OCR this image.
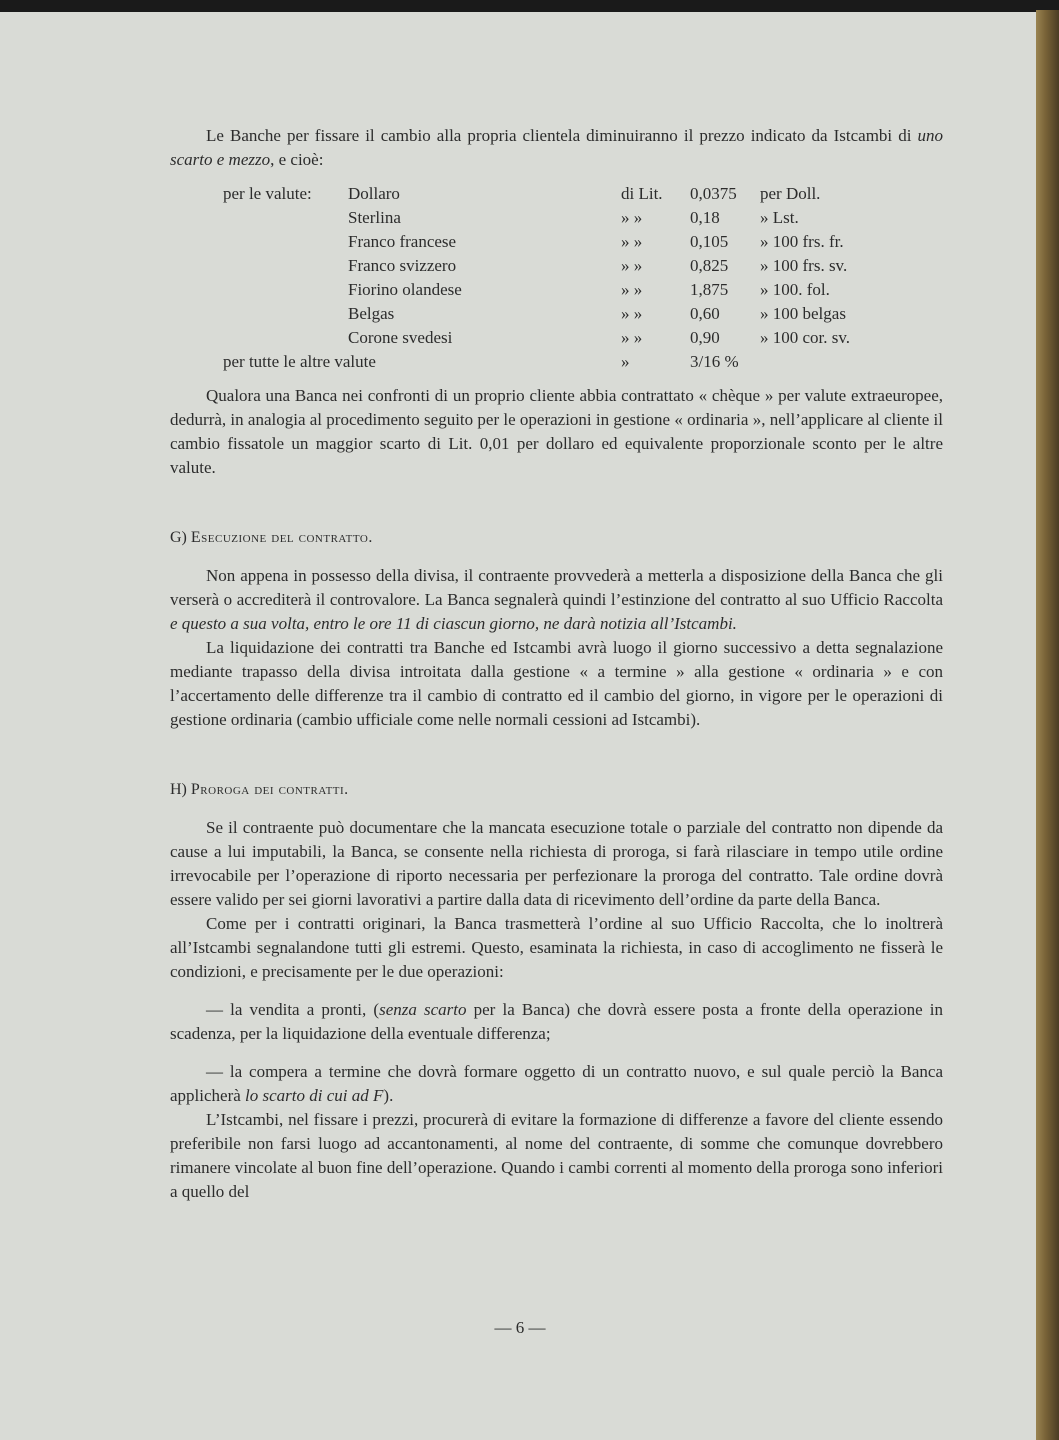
Le Banche per fissare il cambio alla propria clientela diminuiranno il prezzo indicato da Istcambi di uno scarto e mezzo, e cioè:

per le valute: Dollaro	di Lit. 0,0375 per Doll.
Sterlina	» »	0,18 » Lst.
Franco francese	» »	0,105 » 100 frs. fr.
Franco svizzero	» »	0,825 » 100 frs. sv.
Fiorino olandese	» »	1,875 » 100. fol.
Belgas	» »	0,60 » 100 belgas
Corone svedesi	» »	0,90 » 100 cor. sv.
per tutte le altre valute	»	3/16 %

Qualora una Banca nei confronti di un proprio cliente abbia contrattato « chèque » per valute extraeuropee, dedurrà, in analogia al procedimento seguito per le operazioni in gestione « ordinaria », nell’applicare al cliente il cambio fissatole un maggior scarto di Lit. 0,01 per dollaro ed equivalente proporzionale sconto per le altre valute.

G) Esecuzione del contratto.

Non appena in possesso della divisa, il contraente provvederà a metterla a disposizione della Banca che gli verserà o accrediterà il controvalore. La Banca segnalerà quindi l’estinzione del contratto al suo Ufficio Raccolta e questo a sua volta, entro le ore 11 di ciascun giorno, ne darà notizia all’Istcambi.

La liquidazione dei contratti tra Banche ed Istcambi avrà luogo il giorno successivo a detta segnalazione mediante trapasso della divisa introitata dalla gestione « a termine » alla gestione « ordinaria » e con l’accertamento delle differenze tra il cambio di contratto ed il cambio del giorno, in vigore per le operazioni di gestione ordinaria (cambio ufficiale come nelle normali cessioni ad Istcambi).

H) Proroga dei contratti.

Se il contraente può documentare che la mancata esecuzione totale o parziale del contratto non dipende da cause a lui imputabili, la Banca, se consente nella richiesta di proroga, si farà rilasciare in tempo utile ordine irrevocabile per l’operazione di riporto necessaria per perfezionare la proroga del contratto. Tale ordine dovrà essere valido per sei giorni lavorativi a partire dalla data di ricevimento dell’ordine da parte della Banca.

Come per i contratti originari, la Banca trasmetterà l’ordine al suo Ufficio Raccolta, che lo inoltrerà all’Istcambi segnalandone tutti gli estremi. Questo, esaminata la richiesta, in caso di accoglimento ne fisserà le condizioni, e precisamente per le due operazioni:

— la vendita a pronti, (senza scarto per la Banca) che dovrà essere posta a fronte della operazione in scadenza, per la liquidazione della eventuale differenza;

— la compera a termine che dovrà formare oggetto di un contratto nuovo, e sul quale perciò la Banca applicherà lo scarto di cui ad F).

L’Istcambi, nel fissare i prezzi, procurerà di evitare la formazione di differenze a favore del cliente essendo preferibile non farsi luogo ad accantonamenti, al nome del contraente, di somme che comunque dovrebbero rimanere vincolate al buon fine dell’operazione. Quando i cambi correnti al momento della proroga sono inferiori a quello del

— 6 —
